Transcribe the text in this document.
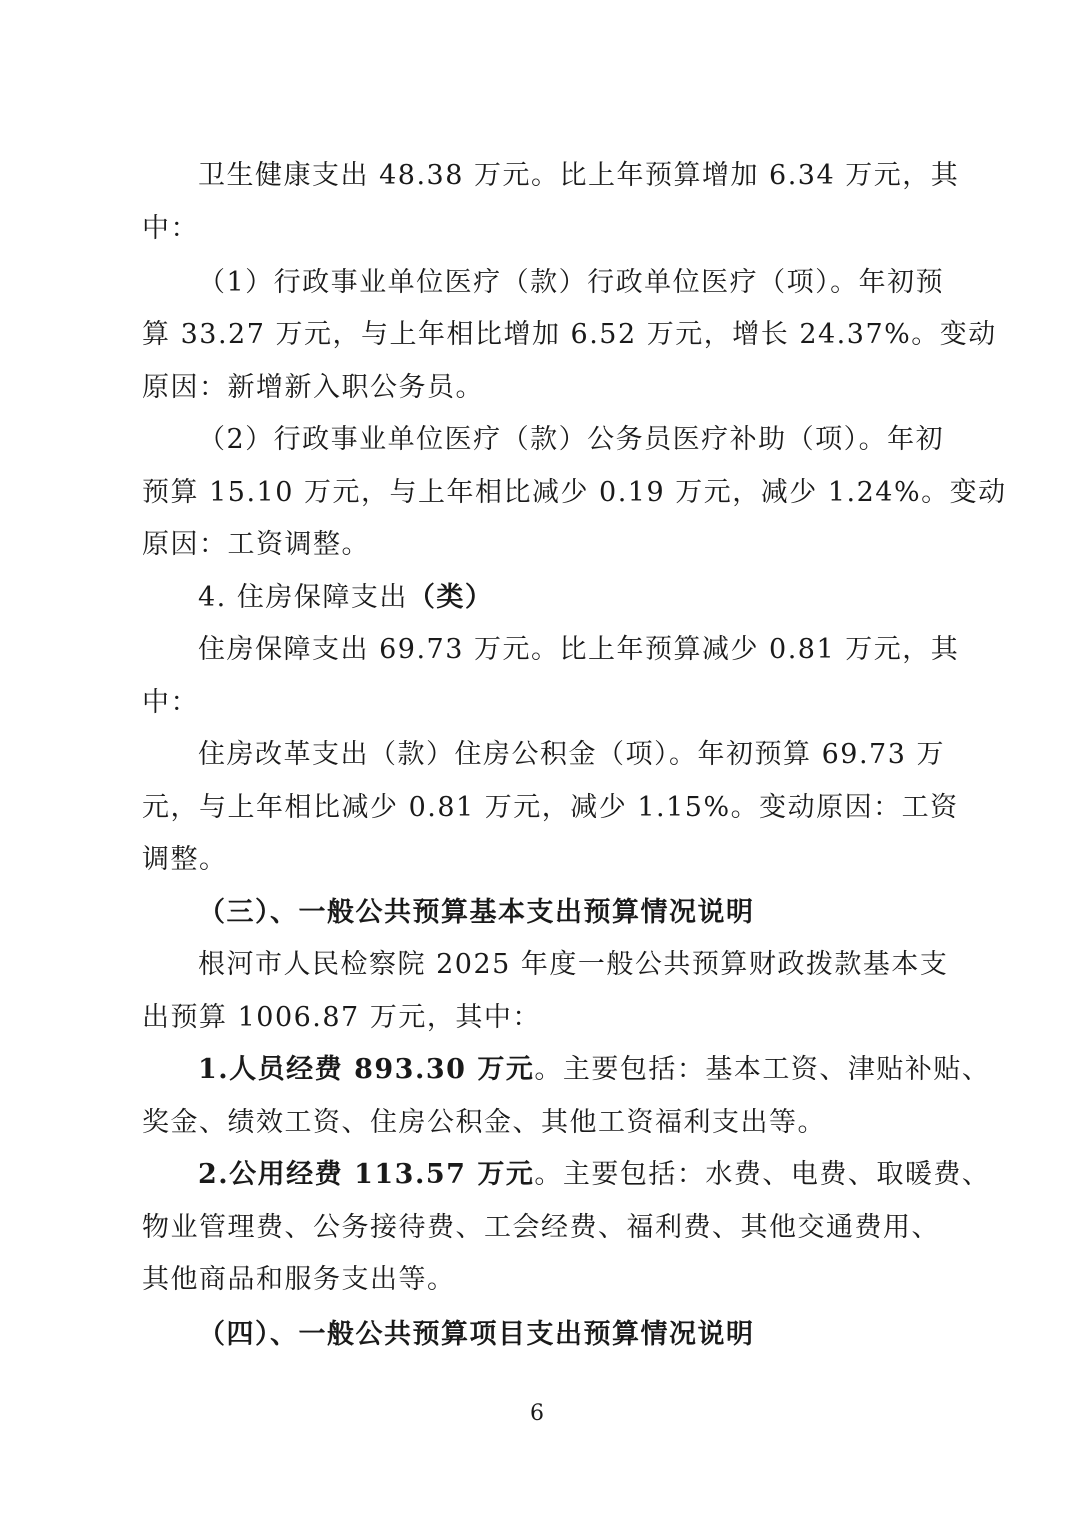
卫生健康支出 48.38 万元。比上年预算增加 6.34 万元，其
中：
（1）行政事业单位医疗（款）行政单位医疗（项）。年初预
算 33.27 万元，与上年相比增加 6.52 万元，增长 24.37%。变动
原因：新增新入职公务员。
（2）行政事业单位医疗（款）公务员医疗补助（项）。年初
预算 15.10 万元，与上年相比减少 0.19 万元，减少 1.24%。变动
原因：工资调整。
4. 住房保障支出（类）
住房保障支出 69.73 万元。比上年预算减少 0.81 万元，其
中：
住房改革支出（款）住房公积金（项）。年初预算 69.73 万
元，与上年相比减少 0.81 万元，减少 1.15%。变动原因：工资
调整。
（三）、一般公共预算基本支出预算情况说明
根河市人民检察院 2025 年度一般公共预算财政拨款基本支
出预算 1006.87 万元，其中：
1.人员经费 893.30 万元。主要包括：基本工资、津贴补贴、
奖金、绩效工资、住房公积金、其他工资福利支出等。
2.公用经费 113.57 万元。主要包括：水费、电费、取暖费、
物业管理费、公务接待费、工会经费、福利费、其他交通费用、
其他商品和服务支出等。
（四）、一般公共预算项目支出预算情况说明
6
